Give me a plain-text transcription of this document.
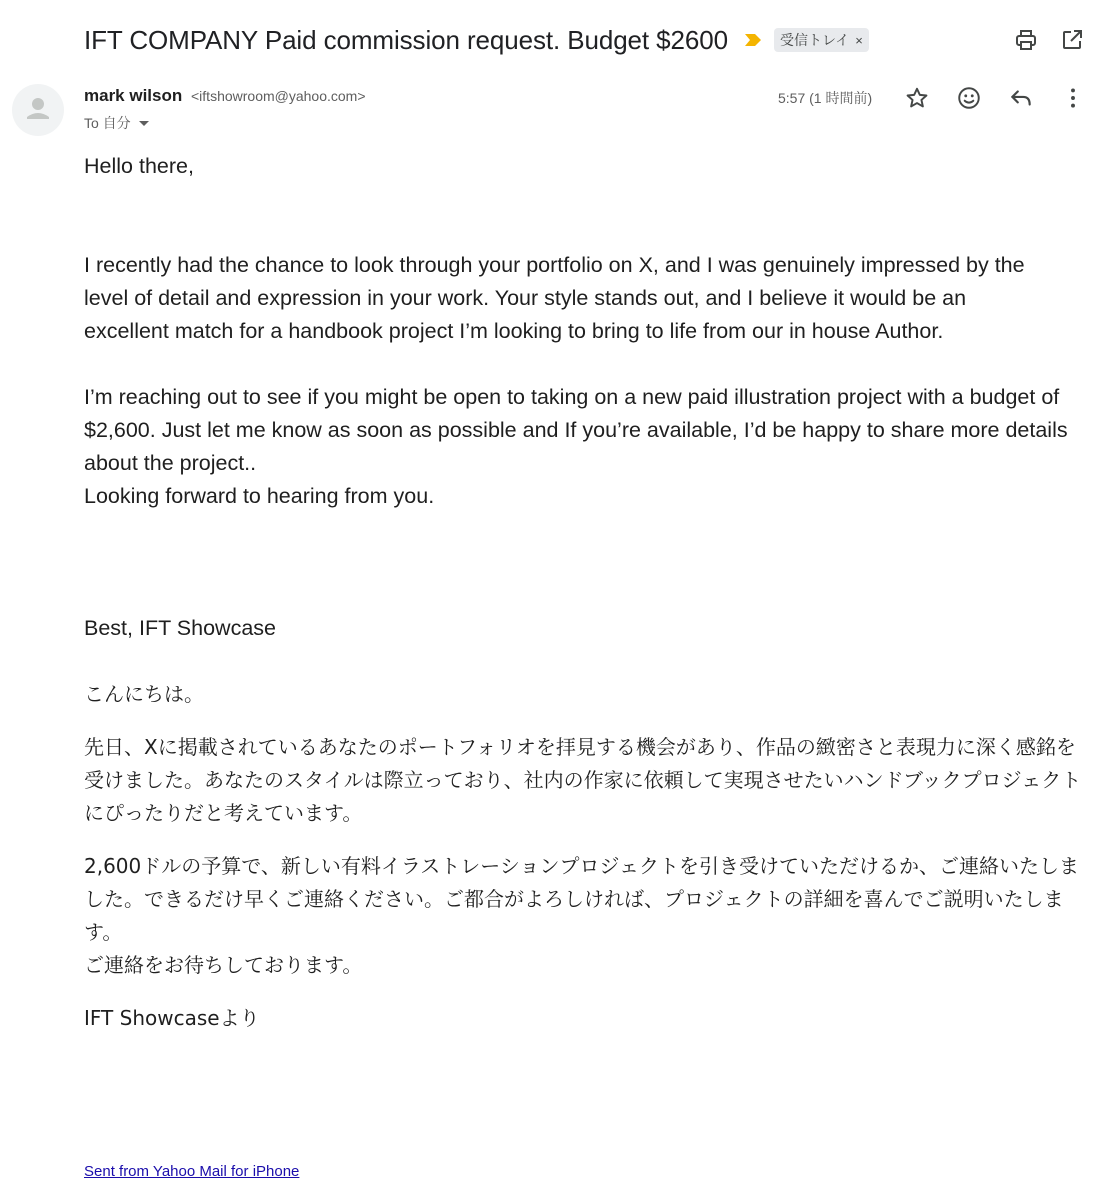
IFT COMPANY Paid commission request. Budget $2600	受信トレイ ×
mark wilson <iftshowroom@yahoo.com>
To 自分
5:57 (1 時間前)

Hello there,

I recently had the chance to look through your portfolio on X, and I was genuinely impressed by the level of detail and expression in your work. Your style stands out, and I believe it would be an excellent match for a handbook project I’m looking to bring to life from our in house Author.

I’m reaching out to see if you might be open to taking on a new paid illustration project with a budget of $2,600. Just let me know as soon as possible and If you’re available, I’d be happy to share more details about the project..

Looking forward to hearing from you.

Best, IFT Showcase

こんにちは。

先日、Xに掲載されているあなたのポートフォリオを拝見する機会があり、作品の緻密さと表現力に深く感銘を受けました。あなたのスタイルは際立っており、社内の作家に依頼して実現させたいハンドブックプロジェクトにぴったりだと考えています。

2,600ドルの予算で、新しい有料イラストレーションプロジェクトを引き受けていただけるか、ご連絡いたしました。できるだけ早くご連絡ください。ご都合がよろしければ、プロジェクトの詳細を喜んでご説明いたします。

ご連絡をお待ちしております。

IFT Showcaseより

Sent from Yahoo Mail for iPhone
